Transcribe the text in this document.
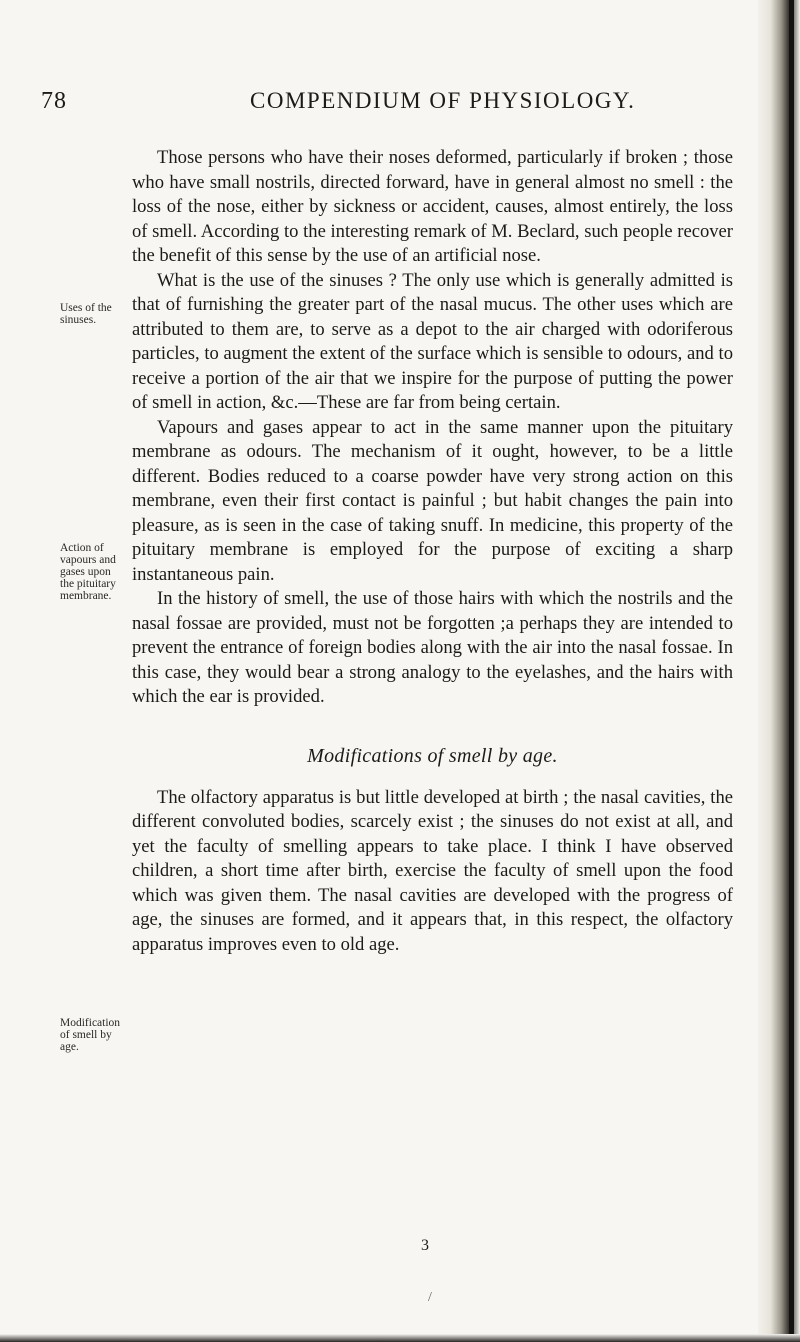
78	COMPENDIUM OF PHYSIOLOGY.
Uses of the sinuses.
Action of vapours and gases upon the pituitary membrane.
Modification of smell by age.

Those persons who have their noses deformed, particularly if broken ; those who have small nostrils, directed forward, have in general almost no smell : the loss of the nose, either by sickness or accident, causes, almost entirely, the loss of smell. According to the interesting remark of M. Beclard, such people recover the benefit of this sense by the use of an artificial nose.

What is the use of the sinuses ? The only use which is generally admitted is that of furnishing the greater part of the nasal mucus. The other uses which are attributed to them are, to serve as a depot to the air charged with odoriferous particles, to augment the extent of the surface which is sensible to odours, and to receive a portion of the air that we inspire for the purpose of putting the power of smell in action, &c.—These are far from being certain.

Vapours and gases appear to act in the same manner upon the pituitary membrane as odours. The mechanism of it ought, however, to be a little different. Bodies reduced to a coarse powder have very strong action on this membrane, even their first contact is painful ; but habit changes the pain into pleasure, as is seen in the case of taking snuff. In medicine, this property of the pituitary membrane is employed for the purpose of exciting a sharp instantaneous pain.

In the history of smell, the use of those hairs with which the nostrils and the nasal fossae are provided, must not be forgotten ;a perhaps they are intended to prevent the entrance of foreign bodies along with the air into the nasal fossae. In this case, they would bear a strong analogy to the eyelashes, and the hairs with which the ear is provided.

Modifications of smell by age.

The olfactory apparatus is but little developed at birth ; the nasal cavities, the different convoluted bodies, scarcely exist ; the sinuses do not exist at all, and yet the faculty of smelling appears to take place. I think I have observed children, a short time after birth, exercise the faculty of smell upon the food which was given them. The nasal cavities are developed with the progress of age, the sinuses are formed, and it appears that, in this respect, the olfactory apparatus improves even to old age.

3
/
